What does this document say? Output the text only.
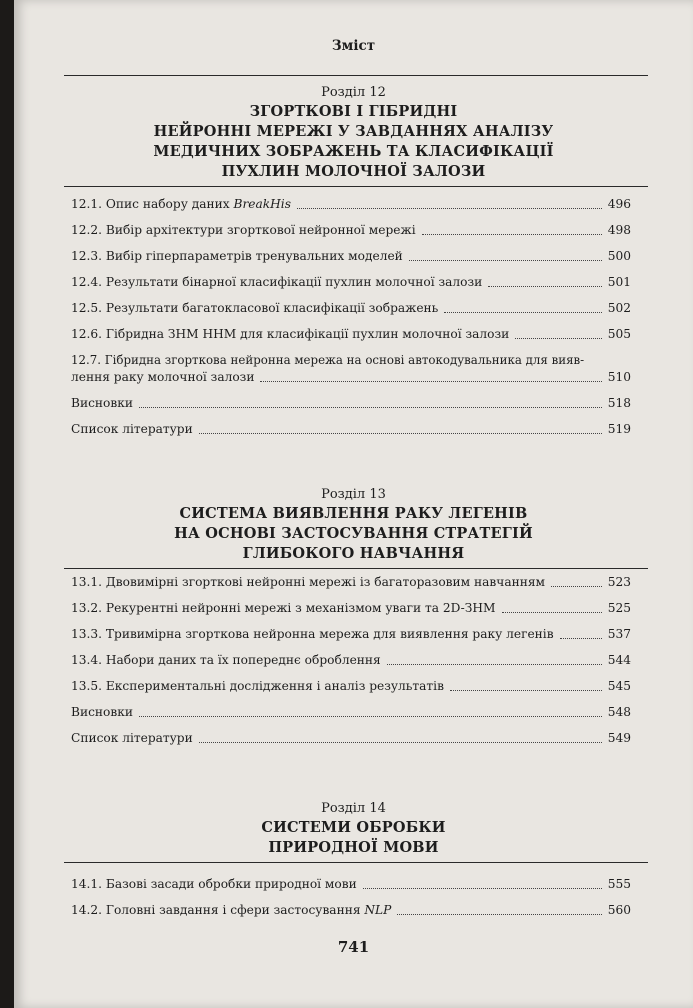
Зміст
Розділ 12
ЗГОРТКОВІ І ГІБРИДНІ
НЕЙРОННІ МЕРЕЖІ У ЗАВДАННЯХ АНАЛІЗУ
МЕДИЧНИХ ЗОБРАЖЕНЬ ТА КЛАСИФІКАЦІЇ
ПУХЛИН МОЛОЧНОЇ ЗАЛОЗИ
12.1. Опис набору даних BreakHis	496
12.2. Вибір архітектури згорткової нейронної мережі	498
12.3. Вибір гіперпараметрів тренувальних моделей	500
12.4. Результати бінарної класифікації пухлин молочної залози	501
12.5. Результати багатокласової класифікації зображень	502
12.6. Гібридна ЗНМ ННМ для класифікації пухлин молочної залози	505
12.7. Гібридна згорткова нейронна мережа на основі автокодувальника для вияв-
лення раку молочної залози	510
Висновки	518
Список літератури	519
Розділ 13
СИСТЕМА ВИЯВЛЕННЯ РАКУ ЛЕГЕНІВ
НА ОСНОВІ ЗАСТОСУВАННЯ СТРАТЕГІЙ
ГЛИБОКОГО НАВЧАННЯ
13.1. Двовимірні згорткові нейронні мережі із багаторазовим навчанням	523
13.2. Рекурентні нейронні мережі з механізмом уваги та 2D-ЗНМ	525
13.3. Тривимірна згорткова нейронна мережа для виявлення раку легенів	537
13.4. Набори даних та їх попереднє оброблення	544
13.5. Експериментальні дослідження і аналіз результатів	545
Висновки	548
Список літератури	549
Розділ 14
СИСТЕМИ ОБРОБКИ
ПРИРОДНОЇ МОВИ
14.1. Базові засади обробки природної мови	555
14.2. Головні завдання і сфери застосування NLP	560
741
